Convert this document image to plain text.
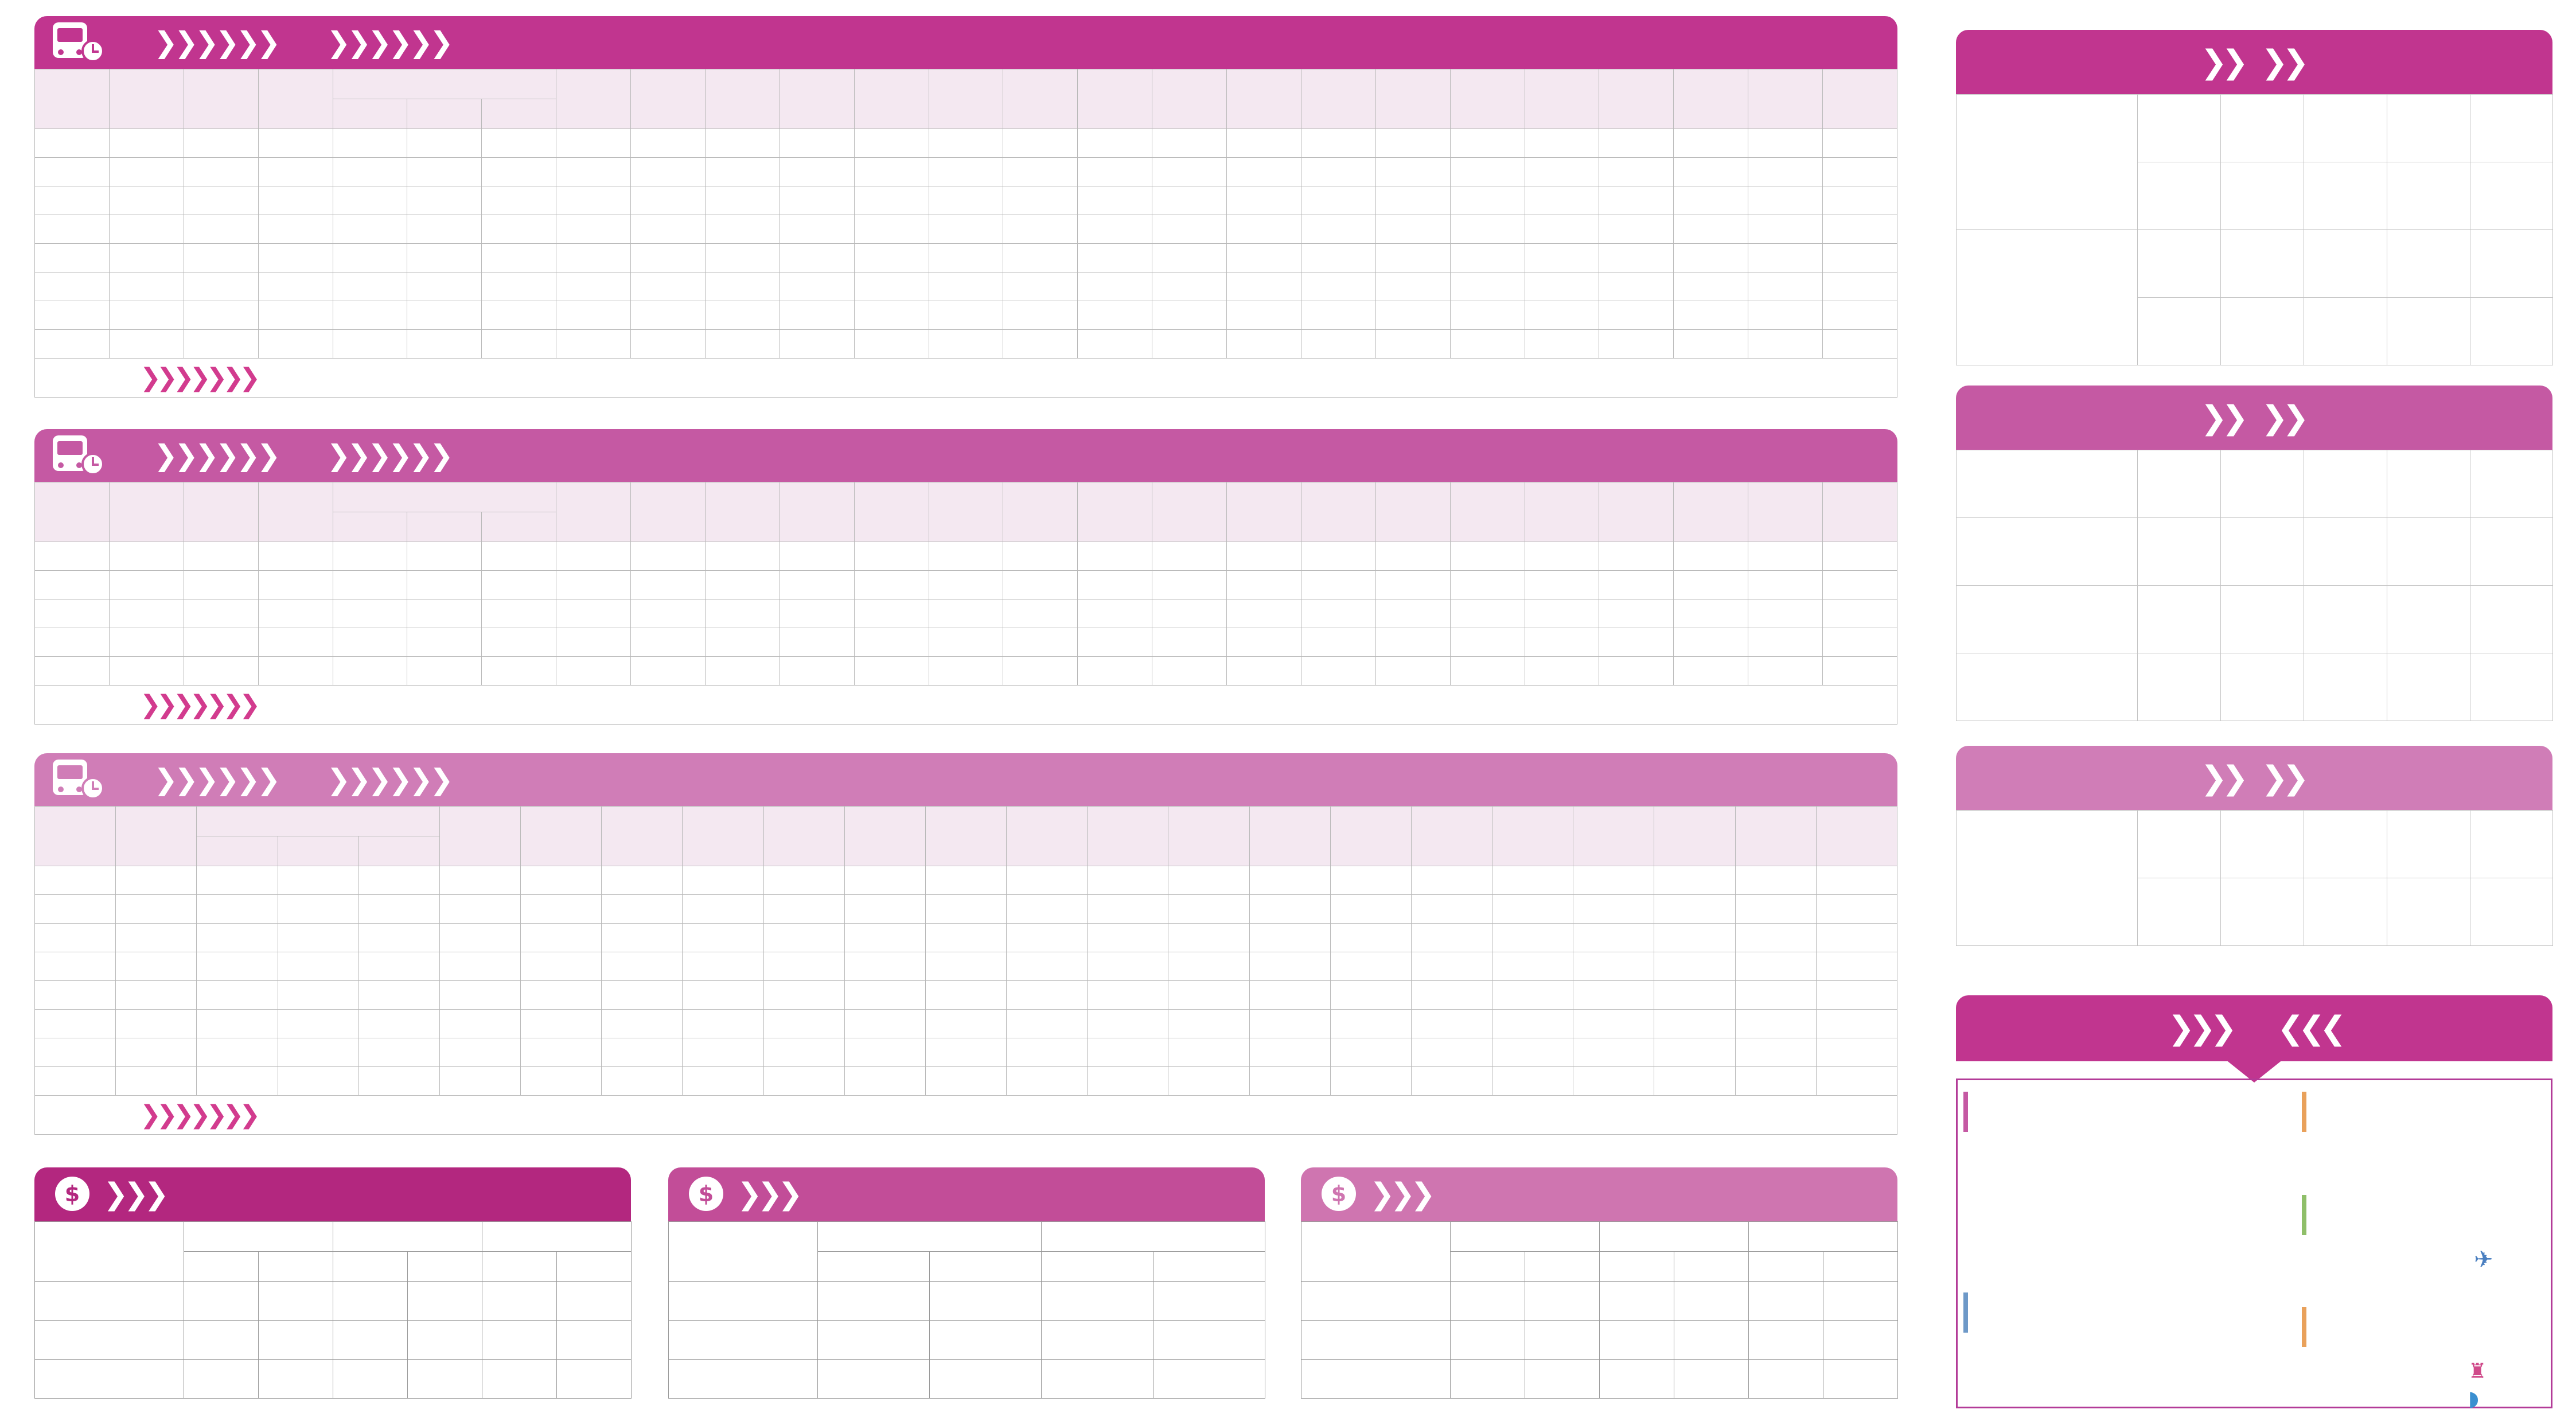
❯❯❯❯❯❯ ❯❯❯❯❯❯

❯❯❯❯❯❯❯
❯❯❯❯❯❯ ❯❯❯❯❯❯

❯❯❯❯❯❯❯
❯❯❯❯❯❯ ❯❯❯❯❯❯

❯❯❯❯❯❯❯
$ ❯❯❯

							$ ❯❯❯

					$ ❯❯❯

❯❯ ❯❯

❯❯ ❯❯

❯❯ ❯❯

❯❯❯ ❮❮❮

✈
♜
◗
